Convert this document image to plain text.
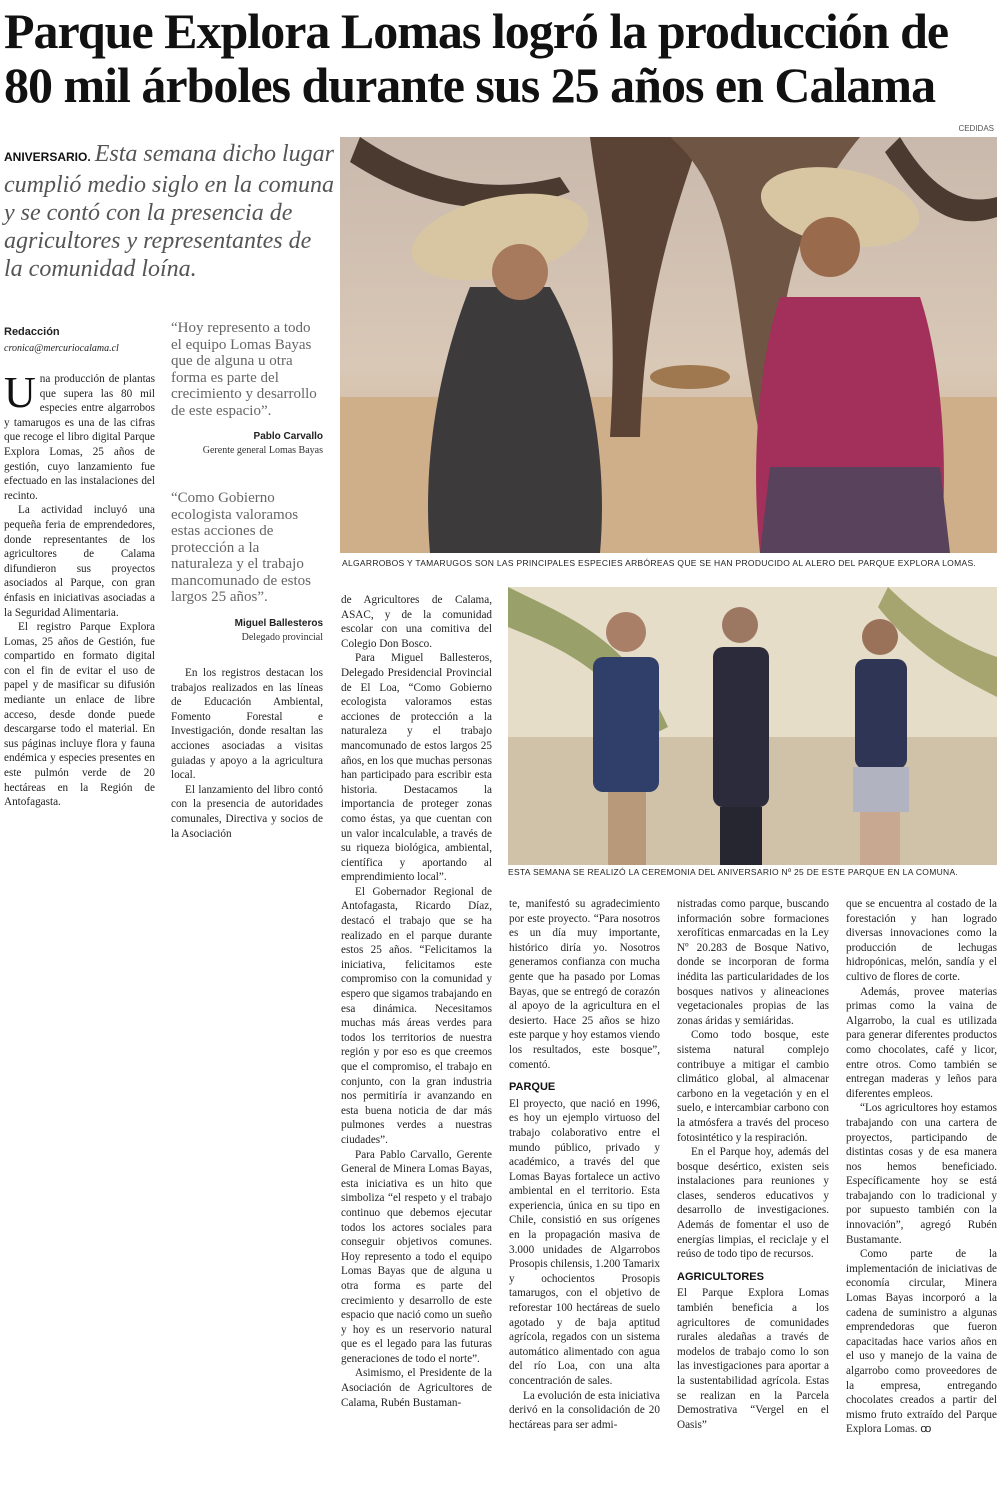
Parque Explora Lomas logró la producción de 80 mil árboles durante sus 25 años en Calama
CEDIDAS

ANIVERSARIO. Esta semana dicho lugar cumplió medio siglo en la comuna y se contó con la presencia de agricultores y representantes de la comunidad loína.

Redacción
cronica@mercuriocalama.cl

Una producción de plantas que supera las 80 mil especies entre algarrobos y tamarugos es una de las cifras que recoge el libro digital Parque Explora Lomas, 25 años de gestión, cuyo lanzamiento fue efectuado en las instalaciones del recinto.

La actividad incluyó una pequeña feria de emprendedores, donde representantes de los agricultores de Calama difundieron sus proyectos asociados al Parque, con gran énfasis en iniciativas asociadas a la Seguridad Alimentaria.

El registro Parque Explora Lomas, 25 años de Gestión, fue compartido en formato digital con el fin de evitar el uso de papel y de masificar su difusión mediante un enlace de libre acceso, desde donde puede descargarse todo el material. En sus páginas incluye flora y fauna endémica y especies presentes en este pulmón verde de 20 hectáreas en la Región de Antofagasta.

“Hoy represento a todo el equipo Lomas Bayas que de alguna u otra forma es parte del crecimiento y desarrollo de este espacio”.
Pablo Carvallo
Gerente general Lomas Bayas
“Como Gobierno ecologista valoramos estas acciones de protección a la naturaleza y el trabajo mancomunado de estos largos 25 años”.
Miguel Ballesteros
Delegado provincial

En los registros destacan los trabajos realizados en las líneas de Educación Ambiental, Fomento Forestal e Investigación, donde resaltan las acciones asociadas a visitas guiadas y apoyo a la agricultura local.

El lanzamiento del libro contó con la presencia de autoridades comunales, Directiva y socios de la Asociación

ALGARROBOS Y TAMARUGOS SON LAS PRINCIPALES ESPECIES ARBÓREAS QUE SE HAN PRODUCIDO AL ALERO DEL PARQUE EXPLORA LOMAS.
ESTA SEMANA SE REALIZÓ LA CEREMONIA DEL ANIVERSARIO Nº 25 DE ESTE PARQUE EN LA COMUNA.

de Agricultores de Calama, ASAC, y de la comunidad escolar con una comitiva del Colegio Don Bosco.

Para Miguel Ballesteros, Delegado Presidencial Provincial de El Loa, “Como Gobierno ecologista valoramos estas acciones de protección a la naturaleza y el trabajo mancomunado de estos largos 25 años, en los que muchas personas han participado para escribir esta historia. Destacamos la importancia de proteger zonas como éstas, ya que cuentan con un valor incalculable, a través de su riqueza biológica, ambiental, científica y aportando al emprendimiento local”.

El Gobernador Regional de Antofagasta, Ricardo Díaz, destacó el trabajo que se ha realizado en el parque durante estos 25 años. “Felicitamos la iniciativa, felicitamos este compromiso con la comunidad y espero que sigamos trabajando en esa dinámica. Necesitamos muchas más áreas verdes para todos los territorios de nuestra región y por eso es que creemos que el compromiso, el trabajo en conjunto, con la gran industria nos permitiría ir avanzando en esta buena noticia de dar más pulmones verdes a nuestras ciudades”.

Para Pablo Carvallo, Gerente General de Minera Lomas Bayas, esta iniciativa es un hito que simboliza “el respeto y el trabajo continuo que debemos ejecutar todos los actores sociales para conseguir objetivos comunes. Hoy represento a todo el equipo Lomas Bayas que de alguna u otra forma es parte del crecimiento y desarrollo de este espacio que nació como un sueño y hoy es un reservorio natural que es el legado para las futuras generaciones de todo el norte”.

Asimismo, el Presidente de la Asociación de Agricultores de Calama, Rubén Bustaman-

te, manifestó su agradecimiento por este proyecto. “Para nosotros es un día muy importante, histórico diría yo. Nosotros generamos confianza con mucha gente que ha pasado por Lomas Bayas, que se entregó de corazón al apoyo de la agricultura en el desierto. Hace 25 años se hizo este parque y hoy estamos viendo los resultados, este bosque”, comentó.

PARQUE

El proyecto, que nació en 1996, es hoy un ejemplo virtuoso del trabajo colaborativo entre el mundo público, privado y académico, a través del que Lomas Bayas fortalece un activo ambiental en el territorio. Esta experiencia, única en su tipo en Chile, consistió en sus orígenes en la propagación masiva de 3.000 unidades de Algarrobos Prosopis chilensis, 1.200 Tamarix y ochocientos Prosopis tamarugos, con el objetivo de reforestar 100 hectáreas de suelo agotado y de baja aptitud agrícola, regados con un sistema automático alimentado con agua del río Loa, con una alta concentración de sales.

La evolución de esta iniciativa derivó en la consolidación de 20 hectáreas para ser admi-

nistradas como parque, buscando información sobre formaciones xerofíticas enmarcadas en la Ley Nº 20.283 de Bosque Nativo, donde se incorporan de forma inédita las particularidades de los bosques nativos y alineaciones vegetacionales propias de las zonas áridas y semiáridas.

Como todo bosque, este sistema natural complejo contribuye a mitigar el cambio climático global, al almacenar carbono en la vegetación y en el suelo, e intercambiar carbono con la atmósfera a través del proceso fotosintético y la respiración.

En el Parque hoy, además del bosque desértico, existen seis instalaciones para reuniones y clases, senderos educativos y desarrollo de investigaciones. Además de fomentar el uso de energías limpias, el reciclaje y el reúso de todo tipo de recursos.

AGRICULTORES

El Parque Explora Lomas también beneficia a los agricultores de comunidades rurales aledañas a través de modelos de trabajo como lo son las investigaciones para aportar a la sustentabilidad agrícola. Estas se realizan en la Parcela Demostrativa “Vergel en el Oasis”

que se encuentra al costado de la forestación y han logrado diversas innovaciones como la producción de lechugas hidropónicas, melón, sandía y el cultivo de flores de corte.

Además, provee materias primas como la vaina de Algarrobo, la cual es utilizada para generar diferentes productos como chocolates, café y licor, entre otros. Como también se entregan maderas y leños para diferentes empleos.

“Los agricultores hoy estamos trabajando con una cartera de proyectos, participando de distintas cosas y de esa manera nos hemos beneficiado. Específicamente hoy se está trabajando con lo tradicional y por supuesto también con la innovación”, agregó Rubén Bustamante.

Como parte de la implementación de iniciativas de economía circular, Minera Lomas Bayas incorporó a la cadena de suministro a algunas emprendedoras que fueron capacitadas hace varios años en el uso y manejo de la vaina de algarrobo como proveedores de la empresa, entregando chocolates creados a partir del mismo fruto extraído del Parque Explora Lomas. ꝏ
